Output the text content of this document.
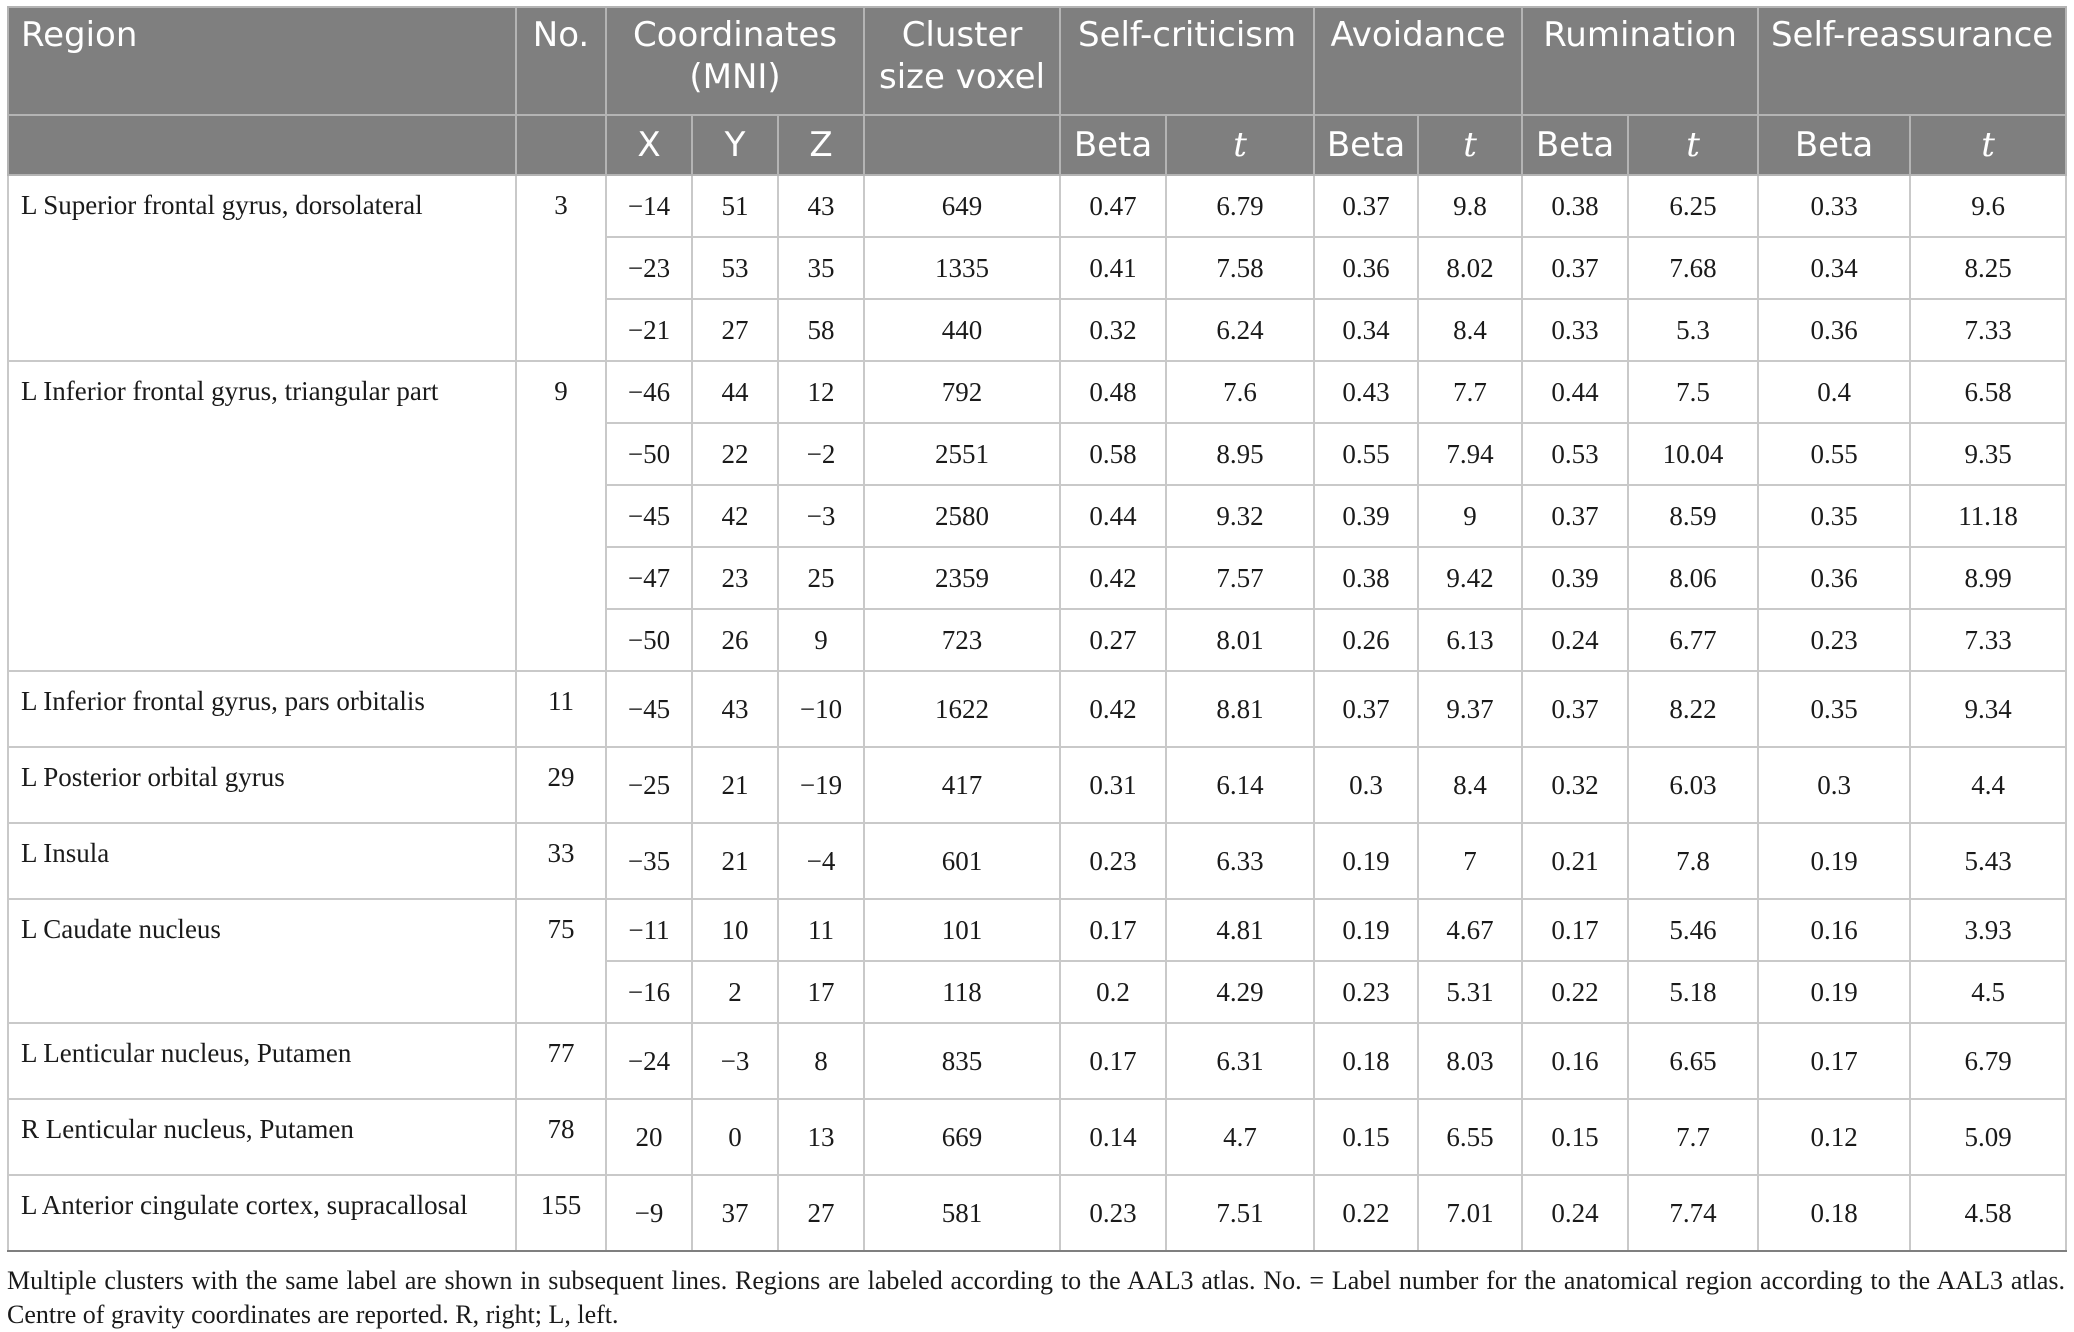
Region	No.	Coordinates (MNI)			Cluster size voxel	Self-criticism		Avoidance		Rumination		Self-reassurance	
		X	Y	Z		Beta	t	Beta	t	Beta	t	Beta	t
L Superior frontal gyrus, dorsolateral	3	−14	51	43	649	0.47	6.79	0.37	9.8	0.38	6.25	0.33	9.6
		−23	53	35	1335	0.41	7.58	0.36	8.02	0.37	7.68	0.34	8.25
		−21	27	58	440	0.32	6.24	0.34	8.4	0.33	5.3	0.36	7.33
L Inferior frontal gyrus, triangular part	9	−46	44	12	792	0.48	7.6	0.43	7.7	0.44	7.5	0.4	6.58
		−50	22	−2	2551	0.58	8.95	0.55	7.94	0.53	10.04	0.55	9.35
		−45	42	−3	2580	0.44	9.32	0.39	9	0.37	8.59	0.35	11.18
		−47	23	25	2359	0.42	7.57	0.38	9.42	0.39	8.06	0.36	8.99
		−50	26	9	723	0.27	8.01	0.26	6.13	0.24	6.77	0.23	7.33
L Inferior frontal gyrus, pars orbitalis	11	−45	43	−10	1622	0.42	8.81	0.37	9.37	0.37	8.22	0.35	9.34
L Posterior orbital gyrus	29	−25	21	−19	417	0.31	6.14	0.3	8.4	0.32	6.03	0.3	4.4
L Insula	33	−35	21	−4	601	0.23	6.33	0.19	7	0.21	7.8	0.19	5.43
L Caudate nucleus	75	−11	10	11	101	0.17	4.81	0.19	4.67	0.17	5.46	0.16	3.93
		−16	2	17	118	0.2	4.29	0.23	5.31	0.22	5.18	0.19	4.5
L Lenticular nucleus, Putamen	77	−24	−3	8	835	0.17	6.31	0.18	8.03	0.16	6.65	0.17	6.79
R Lenticular nucleus, Putamen	78	20	0	13	669	0.14	4.7	0.15	6.55	0.15	7.7	0.12	5.09
L Anterior cingulate cortex, supracallosal	155	−9	37	27	581	0.23	7.51	0.22	7.01	0.24	7.74	0.18	4.58
Multiple clusters with the same label are shown in subsequent lines. Regions are labeled according to the AAL3 atlas. No. = Label number for the anatomical region according to the AAL3 atlas. Centre of gravity coordinates are reported. R, right; L, left.
